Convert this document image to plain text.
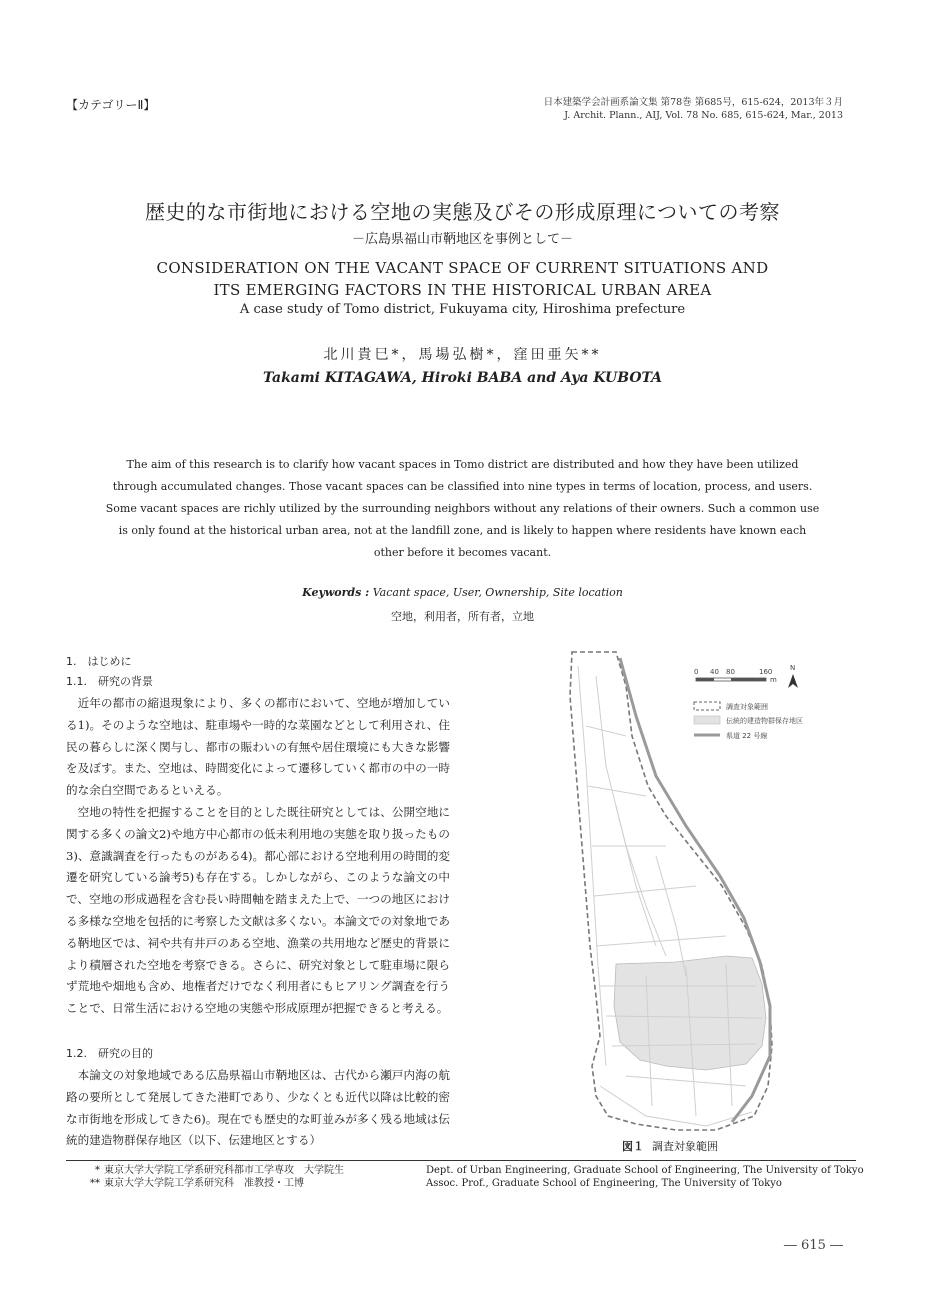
【カテゴリーⅡ】	日本建築学会計画系論文集 第78巻 第685号，615-624，2013年３月
J. Archit. Plann., AIJ, Vol. 78 No. 685, 615-624, Mar., 2013
歴史的な市街地における空地の実態及びその形成原理についての考察
－広島県福山市鞆地区を事例として－
CONSIDERATION ON THE VACANT SPACE OF CURRENT SITUATIONS AND
ITS EMERGING FACTORS IN THE HISTORICAL URBAN AREA
A case study of Tomo district, Fukuyama city, Hiroshima prefecture
北川貴巳*，馬場弘樹*，窪田亜矢**
Takami KITAGAWA, Hiroki BABA and Aya KUBOTA
The aim of this research is to clarify how vacant spaces in Tomo district are distributed and how they have been utilized through accumulated changes. Those vacant spaces can be classified into nine types in terms of location, process, and users. Some vacant spaces are richly utilized by the surrounding neighbors without any relations of their owners. Such a common use is only found at the historical urban area, not at the landfill zone, and is likely to happen where residents have known each other before it becomes vacant.
Keywords : Vacant space, User, Ownership, Site location
空地，利用者，所有者，立地
1.　はじめに
1.1.　研究の背景
　近年の都市の縮退現象により、多くの都市において、空地が増加している1)。そのような空地は、駐車場や一時的な菜園などとして利用され、住民の暮らしに深く関与し、都市の賑わいの有無や居住環境にも大きな影響を及ぼす。また、空地は、時間変化によって遷移していく都市の中の一時的な余白空間であるといえる。
　空地の特性を把握することを目的とした既往研究としては、公開空地に関する多くの論文2)や地方中心都市の低未利用地の実態を取り扱ったもの3)、意識調査を行ったものがある4)。都心部における空地利用の時間的変遷を研究している論考5)も存在する。しかしながら、このような論文の中で、空地の形成過程を含む長い時間軸を踏まえた上で、一つの地区における多様な空地を包括的に考察した文献は多くない。本論文での対象地である鞆地区では、祠や共有井戸のある空地、漁業の共用地など歴史的背景により積層された空地を考察できる。さらに、研究対象として駐車場に限らず荒地や畑地も含め、地権者だけでなく利用者にもヒアリング調査を行うことで、日常生活における空地の実態や形成原理が把握できると考える。
1.2.　研究の目的
　本論文の対象地域である広島県福山市鞆地区は、古代から瀬戸内海の航路の要所として発展してきた港町であり、少なくとも近代以降は比較的密な市街地を形成してきた6)。現在でも歴史的な町並みが多く残る地域は伝統的建造物群保存地区（以下、伝建地区とする）
0 40 80	160
m
N
調査対象範囲
伝統的建造物群保存地区
県道 22 号線
図１ 調査対象範囲
* 東京大学大学院工学系研究科都市工学専攻　大学院生
** 東京大学大学院工学系研究科　准教授・工博
Dept. of Urban Engineering, Graduate School of Engineering, The University of Tokyo
Assoc. Prof., Graduate School of Engineering, The University of Tokyo
― 615 ―
